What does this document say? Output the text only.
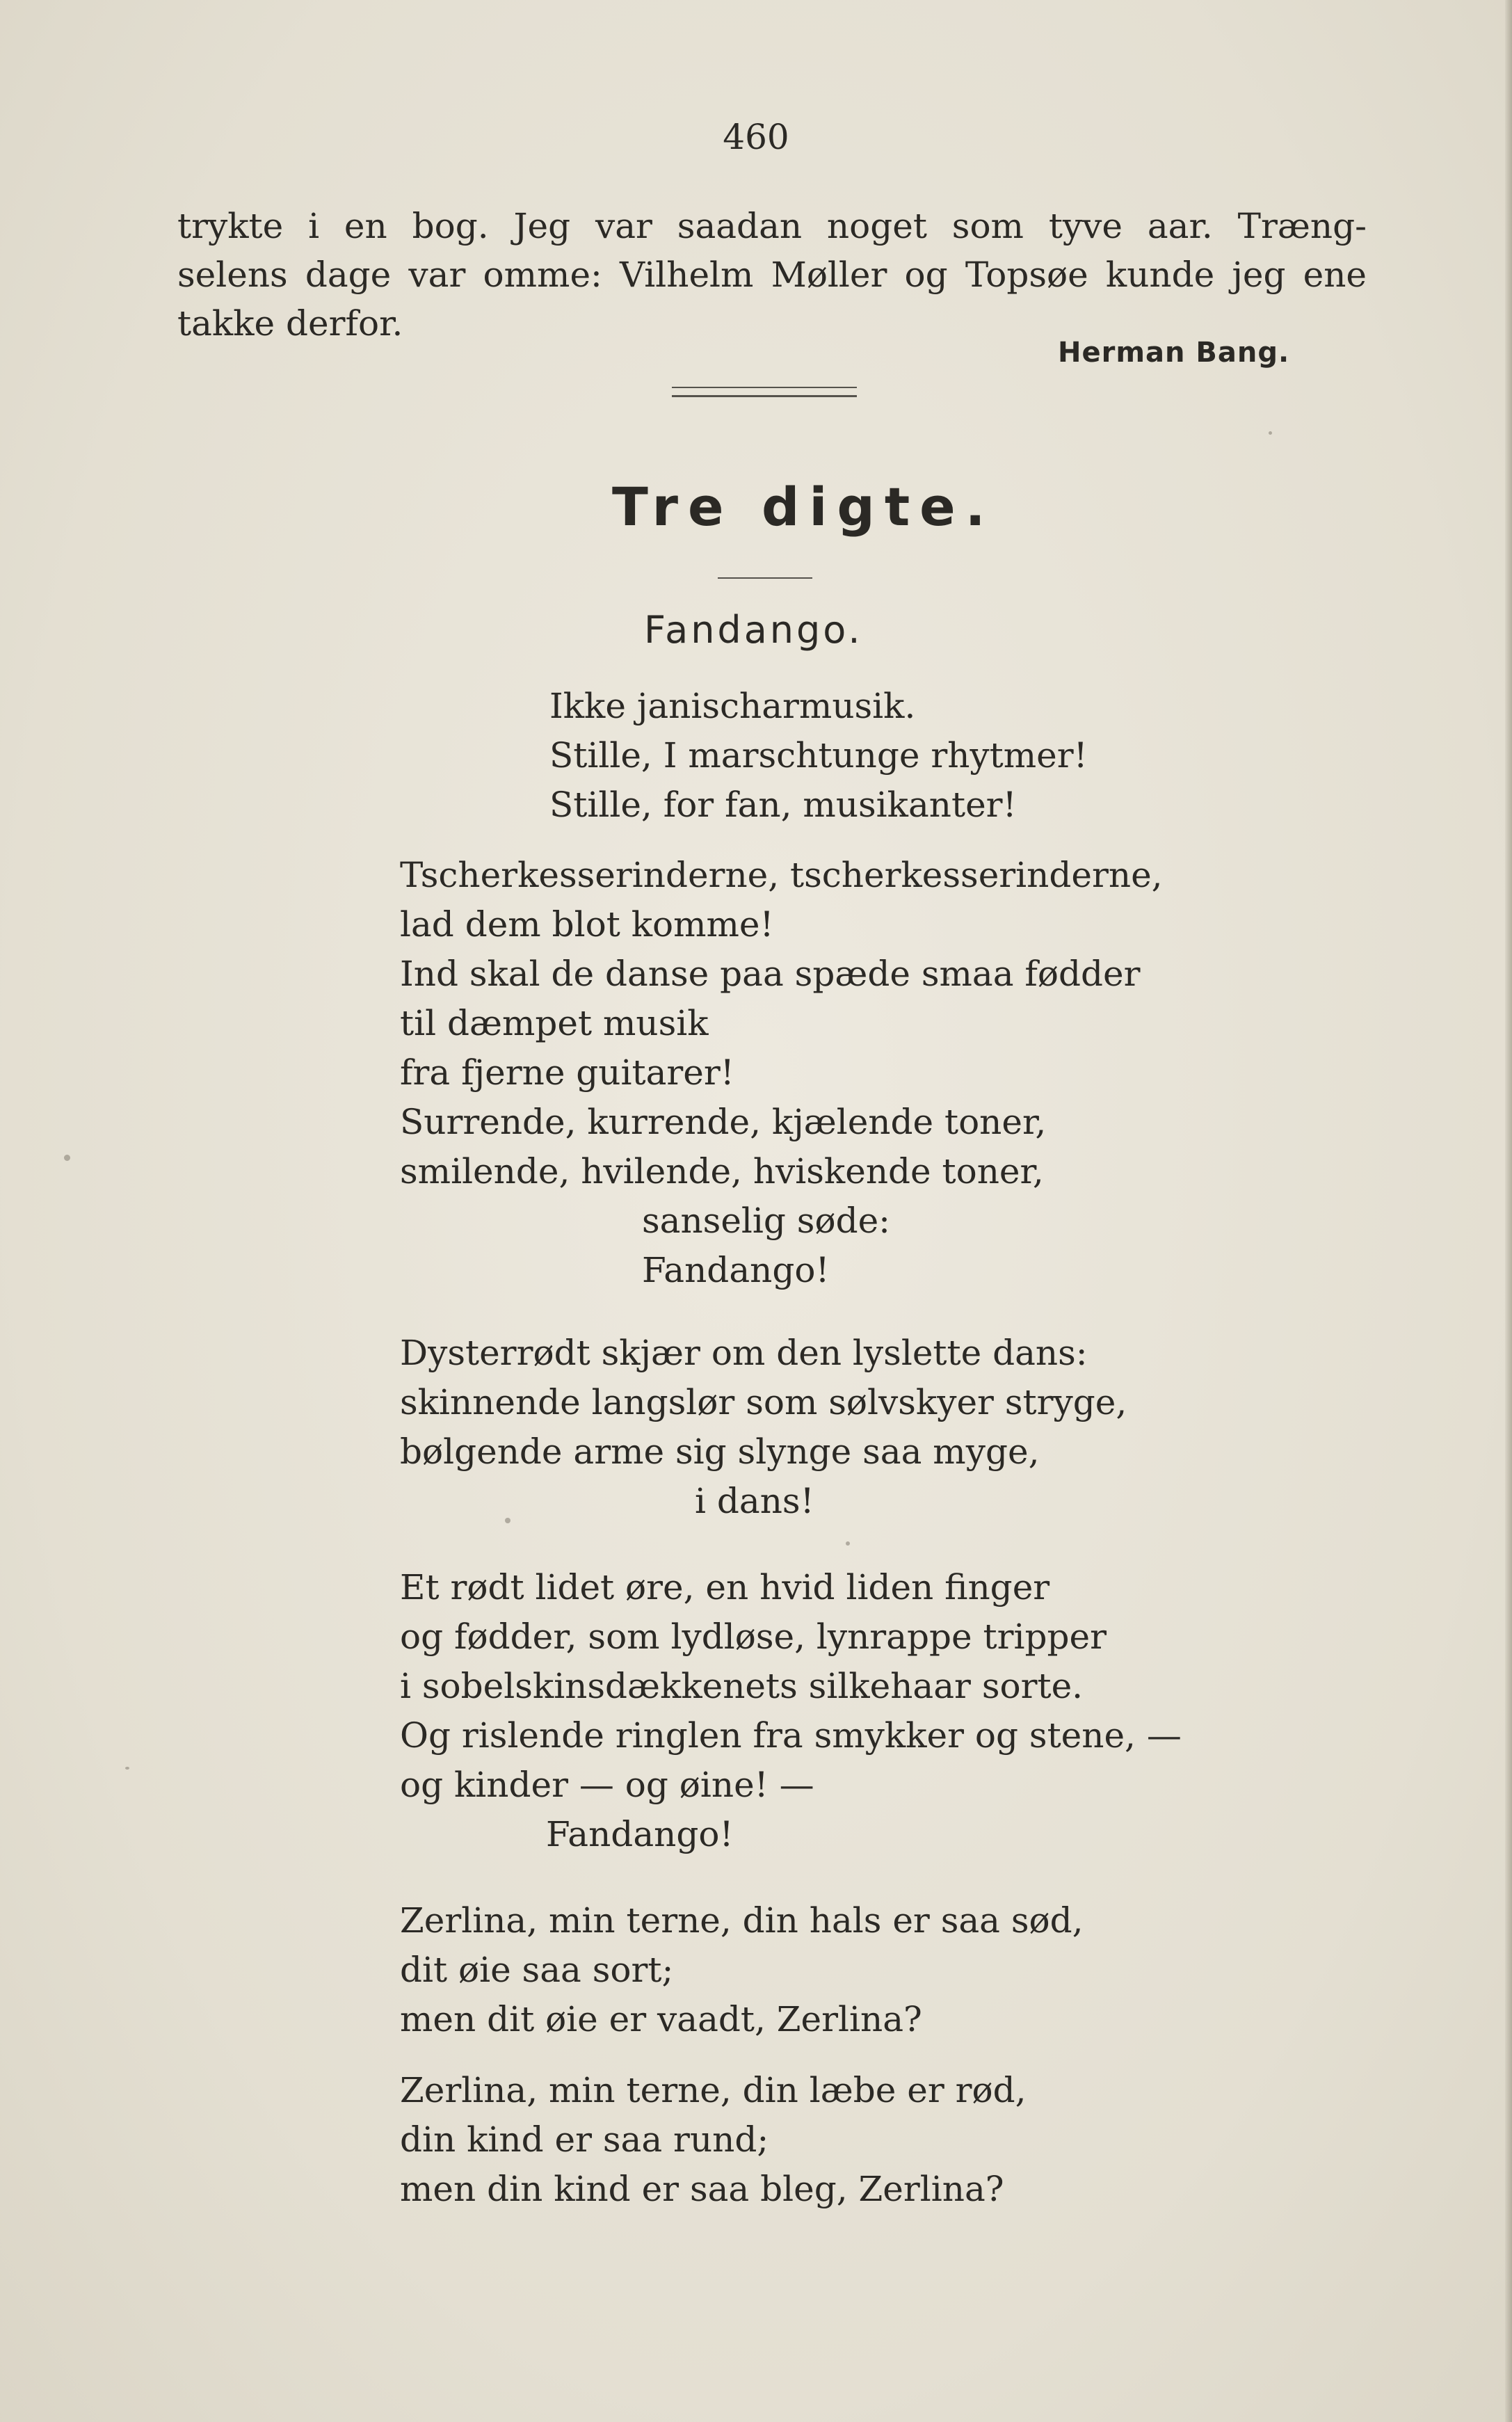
460
trykte i en bog. Jeg var saadan noget som tyve aar. Træng-
selens dage var omme: Vilhelm Møller og Topsøe kunde jeg ene
takke derfor.
Herman Bang.
Tre digte.
Fandango.
Ikke janischarmusik.
Stille, I marschtunge rhytmer!
Stille, for fan, musikanter!
Tscherkesserinderne, tscherkesserinderne,
lad dem blot komme!
Ind skal de danse paa spæde smaa fødder
til dæmpet musik
fra fjerne guitarer!
Surrende, kurrende, kjælende toner,
smilende, hvilende, hviskende toner,
sanselig søde:
Fandango!
Dysterrødt skjær om den lyslette dans:
skinnende langslør som sølvskyer stryge,
bølgende arme sig slynge saa myge,
i dans!
Et rødt lidet øre, en hvid liden finger
og fødder, som lydløse, lynrappe tripper
i sobelskinsdækkenets silkehaar sorte.
Og rislende ringlen fra smykker og stene, —
og kinder — og øine! —
Fandango!
Zerlina, min terne, din hals er saa sød,
dit øie saa sort;
men dit øie er vaadt, Zerlina?
Zerlina, min terne, din læbe er rød,
din kind er saa rund;
men din kind er saa bleg, Zerlina?
